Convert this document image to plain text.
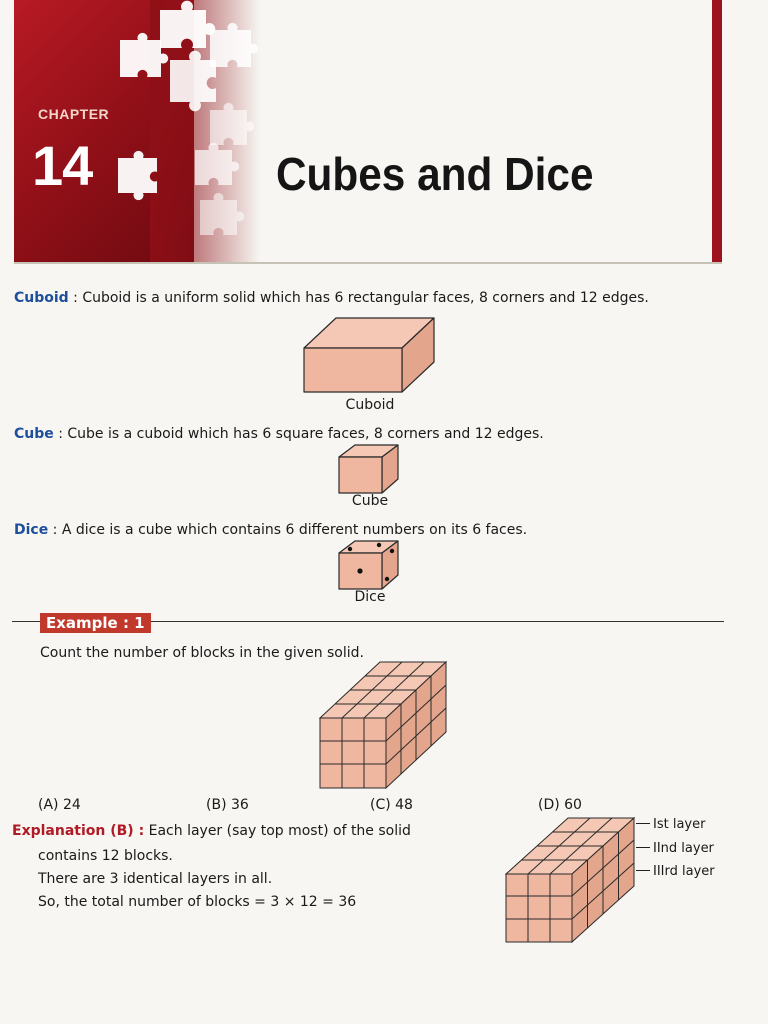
CHAPTER
14	Cubes and Dice
Cuboid : Cuboid is a uniform solid which has 6 rectangular faces, 8 corners and 12 edges.
Cuboid
Cube : Cube is a cuboid which has 6 square faces, 8 corners and 12 edges.
Cube
Dice : A dice is a cube which contains 6 different numbers on its 6 faces.
Dice
Example : 1
Count the number of blocks in the given solid.
(A) 24	(B) 36	(C) 48	(D) 60
Explanation (B) : Each layer (say top most) of the solid
contains 12 blocks.
There are 3 identical layers in all.
So, the total number of blocks = 3 × 12 = 36
Ist layer
IInd layer
IIIrd layer
